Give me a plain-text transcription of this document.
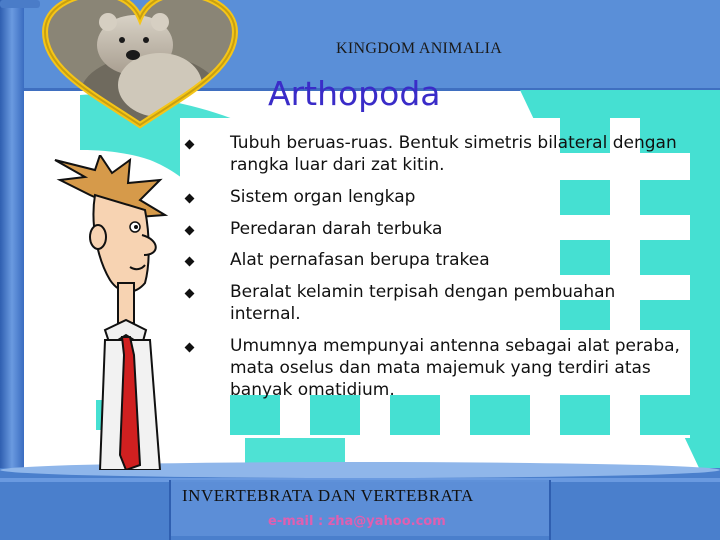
KINGDOM ANIMALIA
Arthopoda
Tubuh beruas-ruas. Bentuk simetris bilateral dengan rangka luar dari zat kitin.
Sistem organ lengkap
Peredaran darah terbuka
Alat pernafasan berupa trakea
Beralat kelamin terpisah dengan pembuahan internal.
Umumnya mempunyai antenna sebagai alat peraba, mata oselus dan mata majemuk yang terdiri atas banyak omatidium.
INVERTEBRATA DAN VERTEBRATA
e-mail : zha@yahoo.com
